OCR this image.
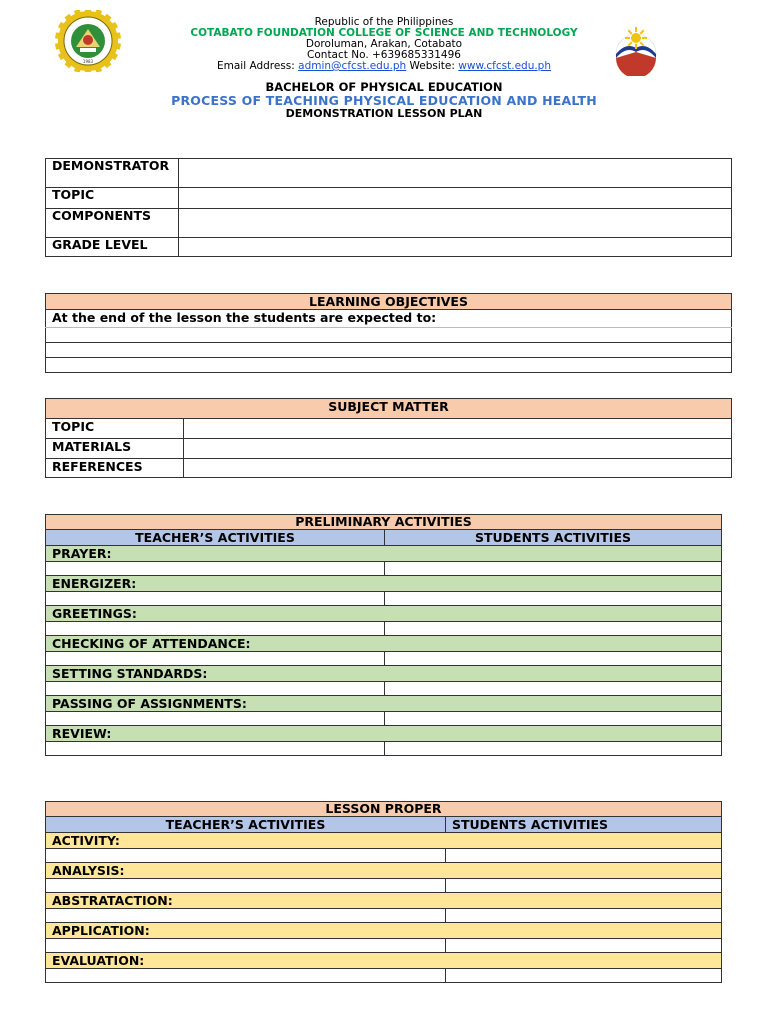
1983
Republic of the Philippines
COTABATO FOUNDATION COLLEGE OF SCIENCE AND TECHNOLOGY
Doroluman, Arakan, Cotabato
Contact No. +639685331496
Email Address: admin@cfcst.edu.ph Website: www.cfcst.edu.ph
BACHELOR OF PHYSICAL EDUCATION
PROCESS OF TEACHING PHYSICAL EDUCATION AND HEALTH
DEMONSTRATION LESSON PLAN
DEMONSTRATOR	
TOPIC	
COMPONENTS	
GRADE LEVEL	
LEARNING OBJECTIVES
At the end of the lesson the students are expected to:

SUBJECT MATTER	
TOPIC	
MATERIALS	
REFERENCES	
PRELIMINARY ACTIVITIES	
TEACHER’S ACTIVITIES	STUDENTS ACTIVITIES
PRAYER:	

ENERGIZER:	

GREETINGS:	

CHECKING OF ATTENDANCE:	

SETTING STANDARDS:	

PASSING OF ASSIGNMENTS:	

REVIEW:	

LESSON PROPER	
TEACHER’S ACTIVITIES	STUDENTS ACTIVITIES
ACTIVITY:	

ANALYSIS:	

ABSTRATACTION:	

APPLICATION:	

EVALUATION:	
